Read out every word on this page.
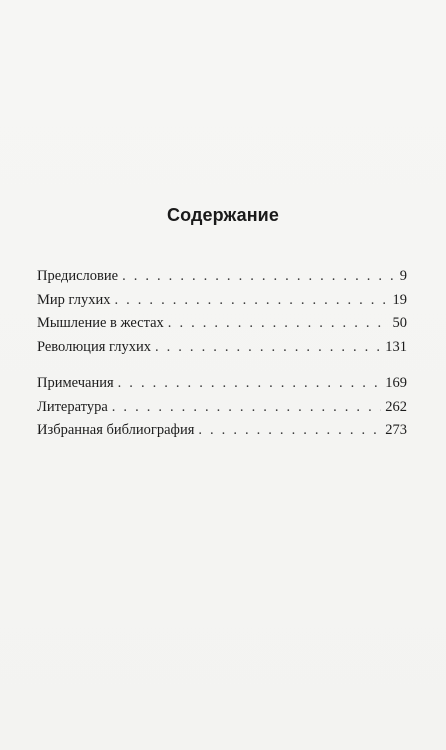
Содержание
Предисловие . . .	9
Мир глухих . . .	19
Мышление в жестах . . .	50
Революция глухих . . .	131
Примечания . . .	169
Литература . . .	262
Избранная библиография . . .	273
